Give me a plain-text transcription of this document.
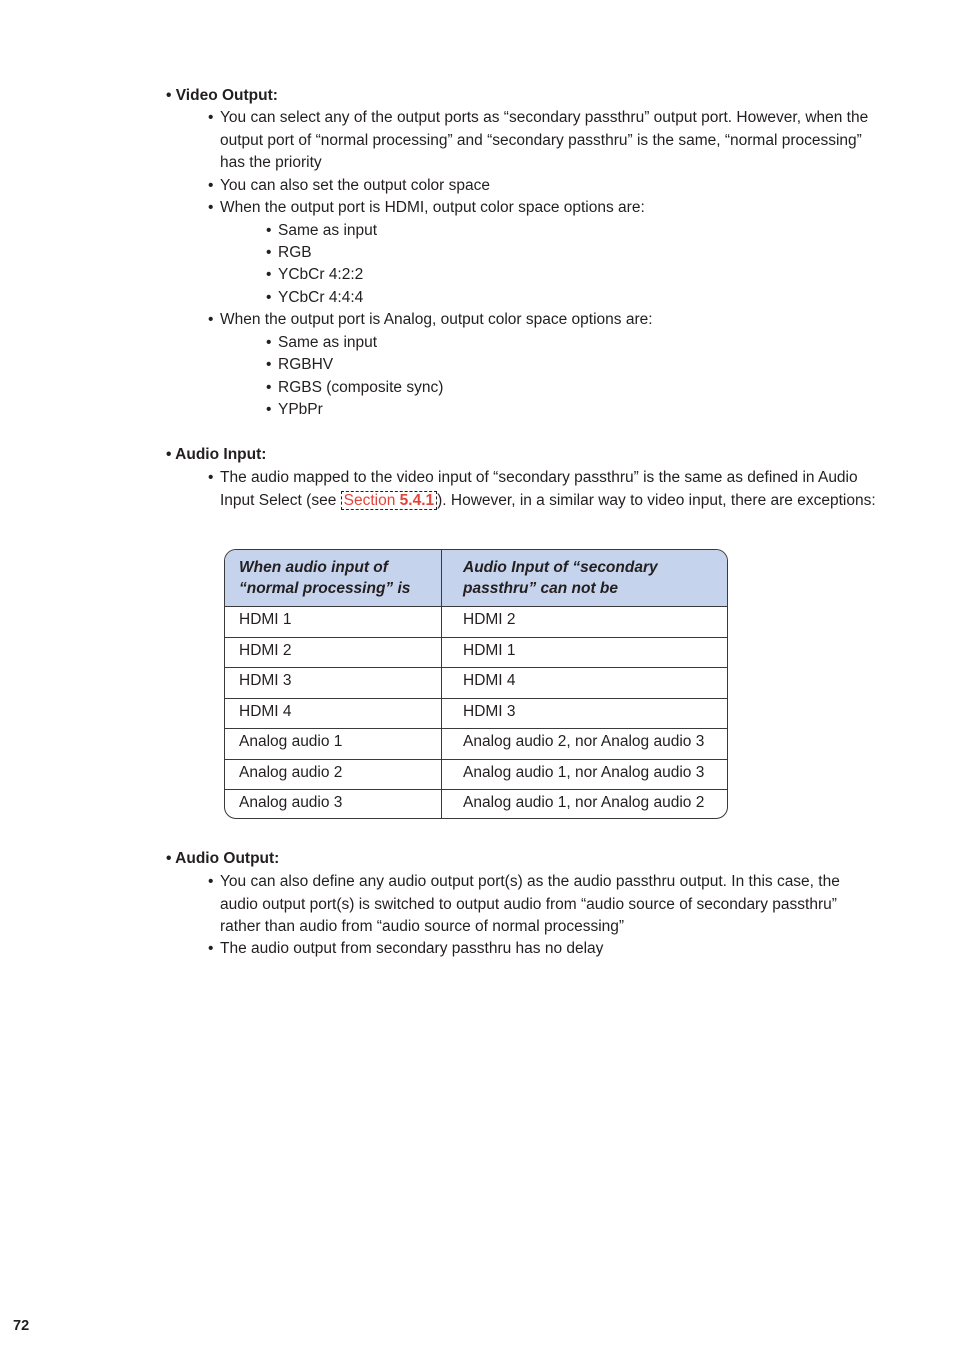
• Video Output:
• You can select any of the output ports as “secondary passthru” output port. However, when the output port of “normal processing” and “secondary passthru” is the same, “normal processing” has the priority
• You can also set the output color space
• When the output port is HDMI, output color space options are:
• Same as input
• RGB
• YCbCr 4:2:2
• YCbCr 4:4:4
• When the output port is Analog, output color space options are:
• Same as input
• RGBHV
• RGBS (composite sync)
• YPbPr
• Audio Input:
• The audio mapped to the video input of “secondary passthru” is the same as defined in Audio Input Select (see Section 5.4.1 ). However, in a similar way to video input, there are exceptions:
When audio input of “normal processing” is
Audio Input of “secondary passthru” can not be
HDMI 1	HDMI 2
HDMI 2	HDMI 1
HDMI 3	HDMI 4
HDMI 4	HDMI 3
Analog audio 1	Analog audio 2, nor Analog audio 3
Analog audio 2	Analog audio 1, nor Analog audio 3
Analog audio 3	Analog audio 1, nor Analog audio 2
• Audio Output:
• You can also define any audio output port(s) as the audio passthru output. In this case, the audio output port(s) is switched to output audio from “audio source of secondary passthru” rather than audio from “audio source of normal processing”
• The audio output from secondary passthru has no delay
72
